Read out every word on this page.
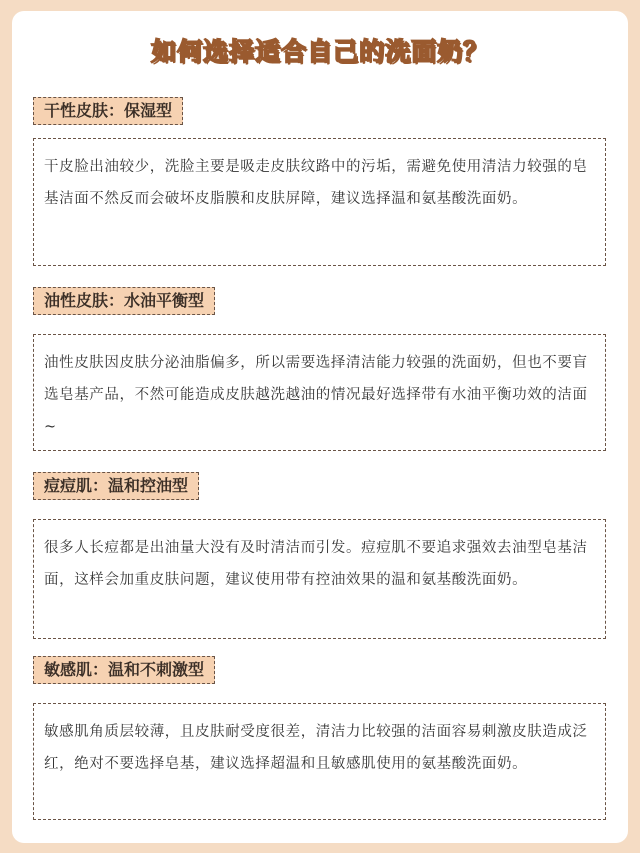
如何选择适合自己的洗面奶？
干性皮肤：保湿型
干皮脸出油较少，洗脸主要是吸走皮肤纹路中的污垢，需避免使用清洁力较强的皂基洁面不然反而会破坏皮脂膜和皮肤屏障，建议选择温和氨基酸洗面奶。
油性皮肤：水油平衡型
油性皮肤因皮肤分泌油脂偏多，所以需要选择清洁能力较强的洗面奶，但也不要盲选皂基产品，不然可能造成皮肤越洗越油的情况最好选择带有水油平衡功效的洁面~
痘痘肌：温和控油型
很多人长痘都是出油量大没有及时清洁而引发。痘痘肌不要追求强效去油型皂基洁面，这样会加重皮肤问题，建议使用带有控油效果的温和氨基酸洗面奶。
敏感肌：温和不刺激型
敏感肌角质层较薄，且皮肤耐受度很差，清洁力比较强的洁面容易刺激皮肤造成泛红，绝对不要选择皂基，建议选择超温和且敏感肌使用的氨基酸洗面奶。
